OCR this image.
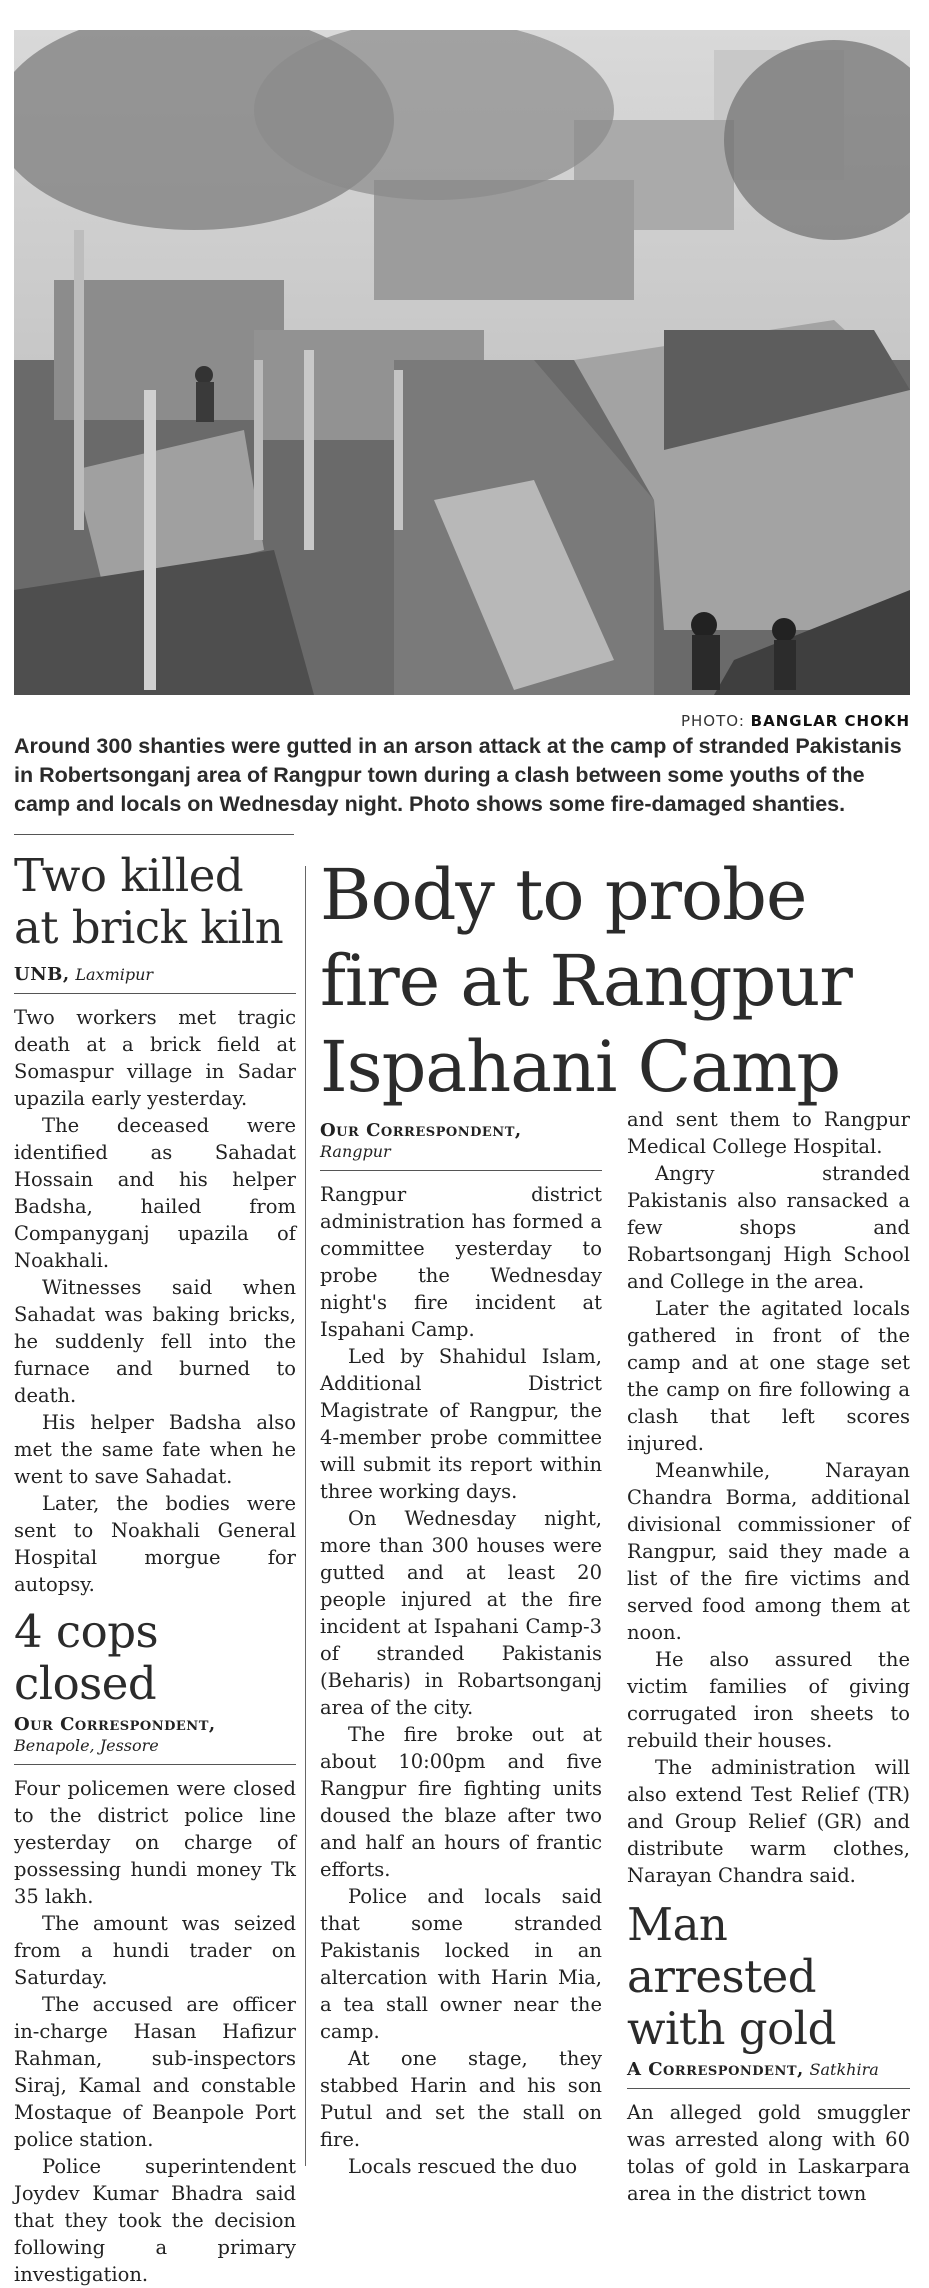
PHOTO: BANGLAR CHOKH
Around 300 shanties were gutted in an arson attack at the camp of stranded Pakistanis in Robertsonganj area of Rangpur town during a clash between some youths of the camp and locals on Wednesday night. Photo shows some fire-damaged shanties.
Two killed at brick kiln
UNB, Laxmipur

Two workers met tragic death at a brick field at Somaspur village in Sadar upazila early yesterday.

The deceased were identified as Sahadat Hossain and his helper Badsha, hailed from Companyganj upazila of Noakhali.

Witnesses said when Sahadat was baking bricks, he suddenly fell into the furnace and burned to death.

His helper Badsha also met the same fate when he went to save Sahadat.

Later, the bodies were sent to Noakhali General Hospital morgue for autopsy.

4 cops closed
Our Correspondent,
Benapole, Jessore

Four policemen were closed to the district police line yesterday on charge of possessing hundi money Tk 35 lakh.

The amount was seized from a hundi trader on Saturday.

The accused are officer in-charge Hasan Hafizur Rahman, sub-inspectors Siraj, Kamal and constable Mostaque of Beanpole Port police station.

Police superintendent Joydev Kumar Bhadra said that they took the decision following a primary investigation.

Body to probe fire at Rangpur Ispahani Camp
Our Correspondent,
Rangpur

Rangpur district administration has formed a committee yesterday to probe the Wednesday night's fire incident at Ispahani Camp.

Led by Shahidul Islam, Additional District Magistrate of Rangpur, the 4-member probe committee will submit its report within three working days.

On Wednesday night, more than 300 houses were gutted and at least 20 people injured at the fire incident at Ispahani Camp-3 of stranded Pakistanis (Beharis) in Robartsonganj area of the city.

The fire broke out at about 10:00pm and five Rangpur fire fighting units doused the blaze after two and half an hours of frantic efforts.

Police and locals said that some stranded Pakistanis locked in an altercation with Harin Mia, a tea stall owner near the camp.

At one stage, they stabbed Harin and his son Putul and set the stall on fire.

Locals rescued the duo

and sent them to Rangpur Medical College Hospital.

Angry stranded Pakistanis also ransacked a few shops and Robartsonganj High School and College in the area.

Later the agitated locals gathered in front of the camp and at one stage set the camp on fire following a clash that left scores injured.

Meanwhile, Narayan Chandra Borma, additional divisional commissioner of Rangpur, said they made a list of the fire victims and served food among them at noon.

He also assured the victim families of giving corrugated iron sheets to rebuild their houses.

The administration will also extend Test Relief (TR) and Group Relief (GR) and distribute warm clothes, Narayan Chandra said.

Man arrested with gold
A Correspondent, Satkhira

An alleged gold smuggler was arrested along with 60 tolas of gold in Laskarpara area in the district town
